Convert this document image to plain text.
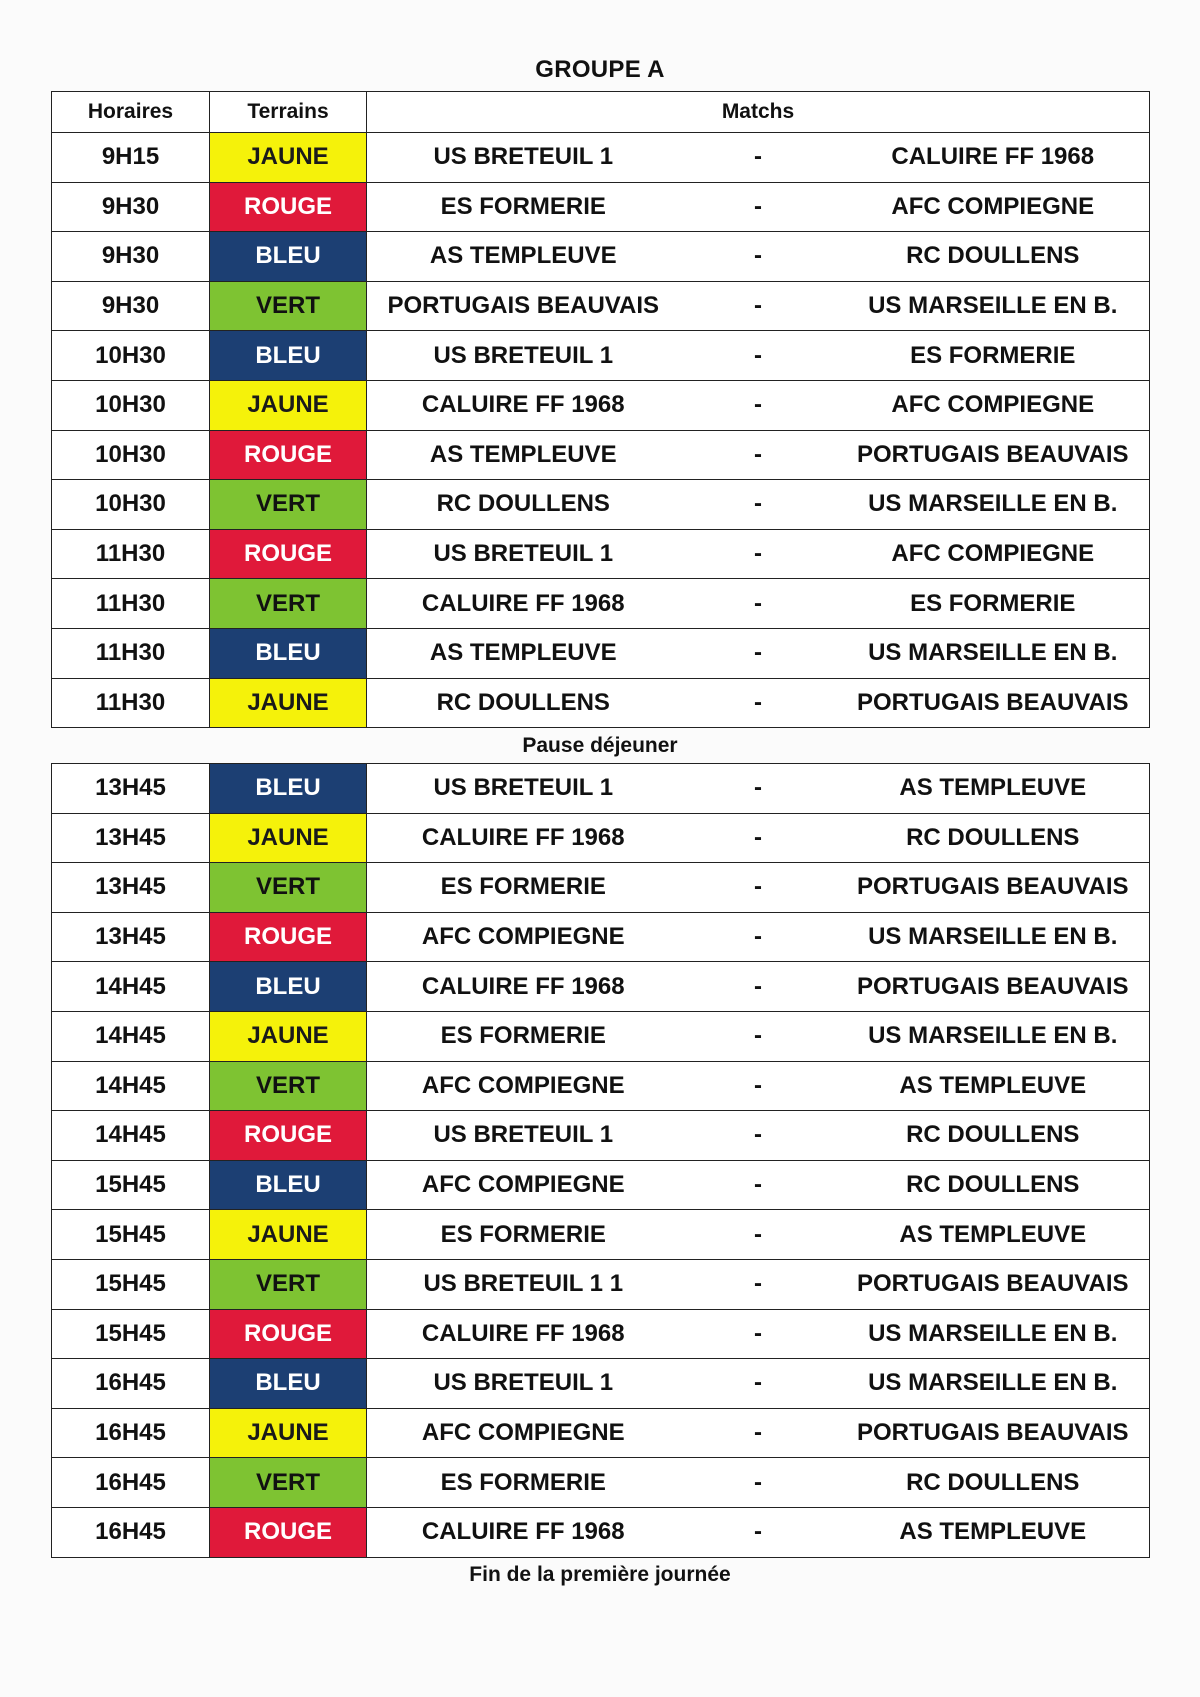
GROUPE A
Horaires	Terrains	Matchs		
9H15	JAUNE	US BRETEUIL 1	-	CALUIRE FF 1968
9H30	ROUGE	ES FORMERIE	-	AFC COMPIEGNE
9H30	BLEU	AS TEMPLEUVE	-	RC DOULLENS
9H30	VERT	PORTUGAIS BEAUVAIS	-	US MARSEILLE EN B.
10H30	BLEU	US BRETEUIL 1	-	ES FORMERIE
10H30	JAUNE	CALUIRE FF 1968	-	AFC COMPIEGNE
10H30	ROUGE	AS TEMPLEUVE	-	PORTUGAIS BEAUVAIS
10H30	VERT	RC DOULLENS	-	US MARSEILLE EN B.
11H30	ROUGE	US BRETEUIL 1	-	AFC COMPIEGNE
11H30	VERT	CALUIRE FF 1968	-	ES FORMERIE
11H30	BLEU	AS TEMPLEUVE	-	US MARSEILLE EN B.
11H30	JAUNE	RC DOULLENS	-	PORTUGAIS BEAUVAIS
Pause déjeuner
13H45	BLEU	US BRETEUIL 1	-	AS TEMPLEUVE
13H45	JAUNE	CALUIRE FF 1968	-	RC DOULLENS
13H45	VERT	ES FORMERIE	-	PORTUGAIS BEAUVAIS
13H45	ROUGE	AFC COMPIEGNE	-	US MARSEILLE EN B.
14H45	BLEU	CALUIRE FF 1968	-	PORTUGAIS BEAUVAIS
14H45	JAUNE	ES FORMERIE	-	US MARSEILLE EN B.
14H45	VERT	AFC COMPIEGNE	-	AS TEMPLEUVE
14H45	ROUGE	US BRETEUIL 1	-	RC DOULLENS
15H45	BLEU	AFC COMPIEGNE	-	RC DOULLENS
15H45	JAUNE	ES FORMERIE	-	AS TEMPLEUVE
15H45	VERT	US BRETEUIL 1 1	-	PORTUGAIS BEAUVAIS
15H45	ROUGE	CALUIRE FF 1968	-	US MARSEILLE EN B.
16H45	BLEU	US BRETEUIL 1	-	US MARSEILLE EN B.
16H45	JAUNE	AFC COMPIEGNE	-	PORTUGAIS BEAUVAIS
16H45	VERT	ES FORMERIE	-	RC DOULLENS
16H45	ROUGE	CALUIRE FF 1968	-	AS TEMPLEUVE
Fin de la première journée
